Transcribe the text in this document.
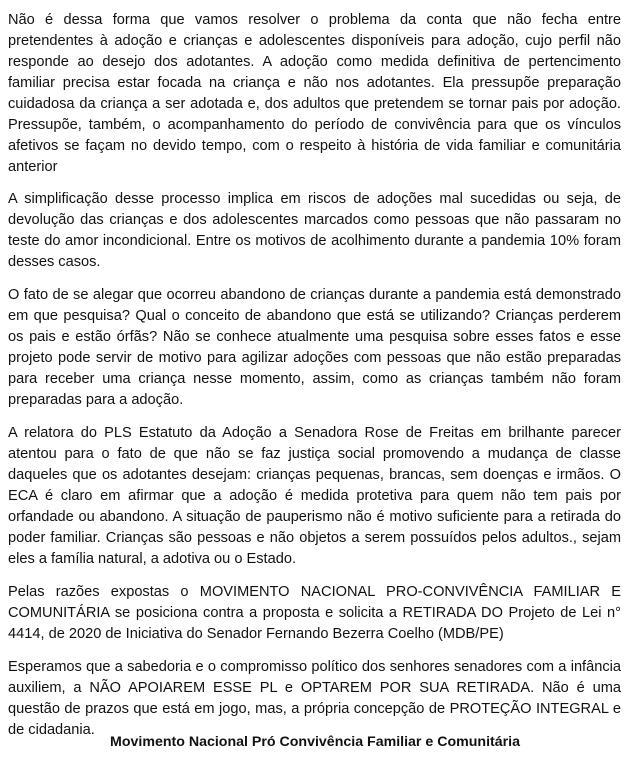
Não é dessa forma que vamos resolver o problema da conta que não fecha entre pretendentes à adoção e crianças e adolescentes disponíveis para adoção, cujo perfil não responde ao desejo dos adotantes. A adoção como medida definitiva de pertencimento familiar precisa estar focada na criança e não nos adotantes. Ela pressupõe preparação cuidadosa da criança a ser adotada e, dos adultos que pretendem se tornar pais por adoção. Pressupõe, também, o acompanhamento do período de convivência para que os vínculos afetivos se façam no devido tempo, com o respeito à história de vida familiar e comunitária anterior

A simplificação desse processo implica em riscos de adoções mal sucedidas ou seja, de devolução das crianças e dos adolescentes marcados como pessoas que não passaram no teste do amor incondicional. Entre os motivos de acolhimento durante a pandemia 10% foram desses casos.

O fato de se alegar que ocorreu abandono de crianças durante a pandemia está demonstrado em que pesquisa? Qual o conceito de abandono que está se utilizando? Crianças perderem os pais e estão órfãs? Não se conhece atualmente uma pesquisa sobre esses fatos e esse projeto pode servir de motivo para agilizar adoções com pessoas que não estão preparadas para receber uma criança nesse momento, assim, como as crianças também não foram preparadas para a adoção.

A relatora do PLS Estatuto da Adoção a Senadora Rose de Freitas em brilhante parecer atentou para o fato de que não se faz justiça social promovendo a mudança de classe daqueles que os adotantes desejam: crianças pequenas, brancas, sem doenças e irmãos. O ECA é claro em afirmar que a adoção é medida protetiva para quem não tem pais por orfandade ou abandono. A situação de pauperismo não é motivo suficiente para a retirada do poder familiar. Crianças são pessoas e não objetos a serem possuídos pelos adultos., sejam eles a família natural, a adotiva ou o Estado.

Pelas razões expostas o MOVIMENTO NACIONAL PRO-CONVIVÊNCIA FAMILIAR E COMUNITÁRIA se posiciona contra a proposta e solicita a RETIRADA DO Projeto de Lei n° 4414, de 2020 de Iniciativa do Senador Fernando Bezerra Coelho (MDB/PE)

Esperamos que a sabedoria e o compromisso político dos senhores senadores com a infância auxiliem, a NÃO APOIAREM ESSE PL e OPTAREM POR SUA RETIRADA. Não é uma questão de prazos que está em jogo, mas, a própria concepção de PROTEÇÃO INTEGRAL e de cidadania.

Movimento Nacional Pró Convivência Familiar e Comunitária
